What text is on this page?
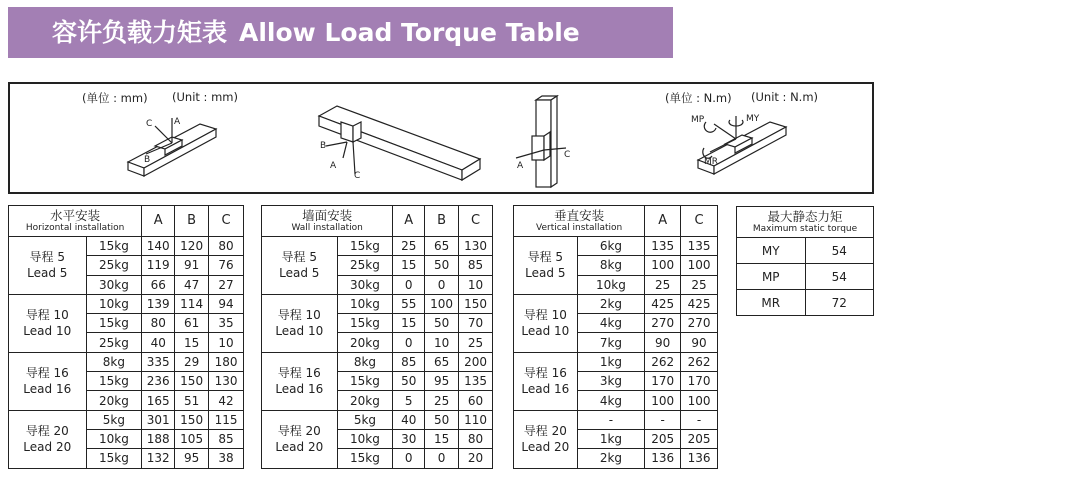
容许负载力矩表 Allow Load Torque Table
(单位 : mm) (Unit : mm)	(单位 : N.m) (Unit : N.m)
A
C
B
B
A
C
A
C
MP	MY
MR
水平安装
Horizontal installation		A	B	C
导程 5
Lead 5	15kg	140	120	80
	25kg	119	91	76
	30kg	66	47	27
导程 10
Lead 10	10kg	139	114	94
	15kg	80	61	35
	25kg	40	15	10
导程 16
Lead 16	8kg	335	29	180
	15kg	236	150	130
	20kg	165	51	42
导程 20
Lead 20	5kg	301	150	115
	10kg	188	105	85
	15kg	132	95	38
墙面安装
Wall installation		A	B	C
导程 5
Lead 5	15kg	25	65	130
	25kg	15	50	85
	30kg	0	0	10
导程 10
Lead 10	10kg	55	100	150
	15kg	15	50	70
	20kg	0	10	25
导程 16
Lead 16	8kg	85	65	200
	15kg	50	95	135
	20kg	5	25	60
导程 20
Lead 20	5kg	40	50	110
	10kg	30	15	80
	15kg	0	0	20
垂直安装
Vertical installation		A	C
导程 5
Lead 5	6kg	135	135
	8kg	100	100
	10kg	25	25
导程 10
Lead 10	2kg	425	425
	4kg	270	270
	7kg	90	90
导程 16
Lead 16	1kg	262	262
	3kg	170	170
	4kg	100	100
导程 20
Lead 20	-	-	-
	1kg	205	205
	2kg	136	136
最大静态力矩
Maximum static torque	

MY	54
MP	54
MR	72
